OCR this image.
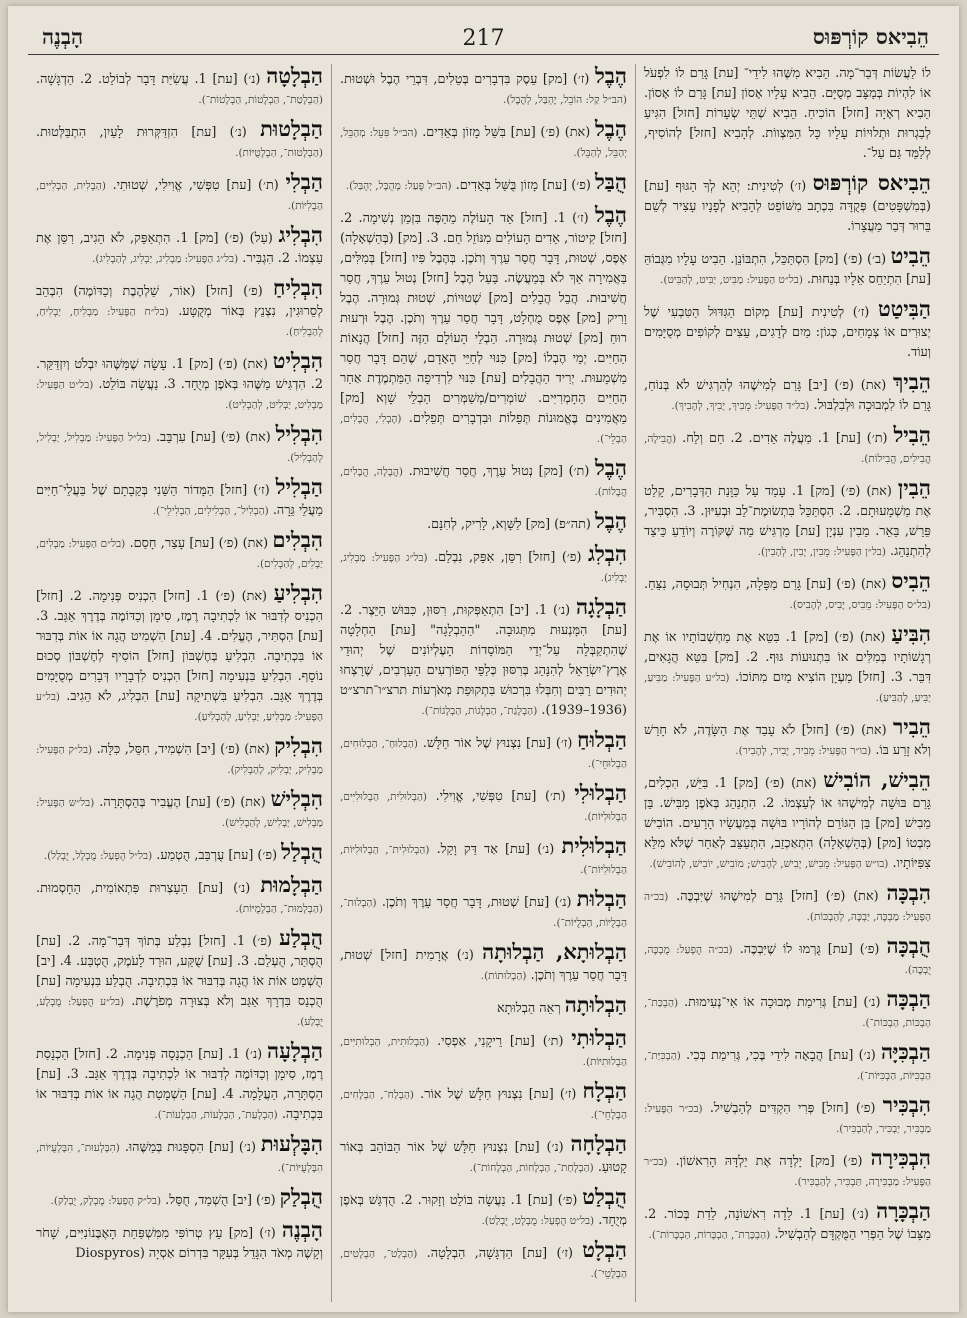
הֵבִיאס קוֹרְפּוּס
217
הָבְנֶה

לוֹ לַעֲשׂוֹת דְּבַר־מָה. הֵבִיא מִשֶּׁהוּ לִידֵי־ [עת] גָּרַם לוֹ לִפְעֹל אוֹ לִהְיוֹת בְּמַצָּב מְסֻיָּם. הֵבִיא עָלָיו אָסוֹן [עת] גָּרַם לוֹ אָסוֹן. הֵבִיא רְאָיָה [חזל] הוֹכִיחַ. הֵבִיא שְׁתֵּי שְׂעָרוֹת [חזל] הִגִּיעַ לְבַגְרוּת וּתְלוּיוֹת עָלָיו כָּל הַמִּצְווֹת. לְהָבִיא [חזל] לְהוֹסִיף, לְלַמֵּד גַּם עַל־.

הֵבִיאס קוֹרְפּוּס (ז׳) לְטִינִית: יְהֵא לְךָ הַגּוּף [עת] (בְּמִשְׁפָּטִים) פְּקֻדָּה בִּכְתָב מִשּׁוֹפֵט לְהָבִיא לְפָנָיו עָצִיר לְשֵׁם בֵּרוּר דְּבַר מַעֲצָרוֹ.

הֵבִיט (ב׳) (פ׳) [מק] הִסְתַּכֵּל, הִתְבּוֹנֵן. הֵבִיט עָלָיו מִגְּבוֹהַּ [עת] הִתְיַחֵס אֵלָיו בְּנַחוּת. (בל״ט הַפָּעִיל: מַבִּיט, יַבִּיט, לְהַבִּיט).

הַבִּיטַט (ז׳) לְטִינִית [עת] מְקוֹם הַגִּדּוּל הַטִּבְעִי שֶׁל יְצוּרִים אוֹ צְמָחִים, כְּגוֹן: מַיִם לְדָגִים, עֵצִים לְקוֹפִים מְסֻיָּמִים וְעוֹד.

הֵבִיךְ (את) (פ׳) [יב] גָּרַם לְמִישֶׁהוּ לְהַרְגִּישׁ לֹא בְּנוֹחַ, גָּרַם לוֹ לִמְבוּכָה וּלְבִלְבּוּל. (בל״ד הַפָּעִיל: מֵבִיךְ, יָבִיךְ, לְהָבִיךְ).

הֵבִיל (ת׳) [עת] 1. מַעֲלֶה אֵדִים. 2. חַם וְלַח. (הֲבִילָה, הֲבִילִים, הֲבִילוֹת).

הֵבִין (את) (פ׳) [מק] 1. עָמַד עַל כַּוָּנַת הַדְּבָרִים, קָלַט אֶת מַשְׁמָעוּתָם. 2. הִסְתַּכֵּל בִּתְשׂוּמֶת־לֵב וּבְעִיּוּן. 3. הִסְבִּיר, פֵּרֵשׁ, בֵּאֵר. מֵבִין עִנְיָן [עת] מַרְגִּישׁ מַה שֶּׁקּוֹרֶה וְיוֹדֵעַ כֵּיצַד לְהִתְנַהֵג. (בל״ן הַפָּעִיל: מֵבִין, יָבִין, לְהָבִין).

הֵבִיס (את) (פ׳) [עת] גָּרַם מַפָּלָה, הִנְחִיל תְּבוּסָה, נִצֵּחַ. (בל״ס הַפָּעִיל: מֵבִיס, יָבִיס, לְהָבִיס).

הִבִּיעַ (את) (פ׳) [מק] 1. בִּטֵּא אֶת מַחְשְׁבוֹתָיו אוֹ אֶת רְגָשׁוֹתָיו בְּמִלִּים אוֹ בִּתְנוּעוֹת גּוּף. 2. [מק] בִּטֵּא הֲגָאִים, דִּבֵּר. 3. [חזל] מַעְיָן הוֹצִיא מַיִם מִתּוֹכוֹ. (בל״ע הַפָּעִיל: מַבִּיעַ, יַבִּיעַ, לְהַבִּיעַ).

הֵבִיר (את) (פ׳) [חזל] לֹא עָבַד אֶת הַשָּׂדֶה, לֹא חָרַשׁ וְלֹא זָרַע בּוֹ. (בו״ר הַפָּעִיל: מֵבִיר, יָבִיר, לְהָבִיר).

הֵבִישׁ, הוֹבִישׁ (את) (פ׳) [מק] 1. בִּיֵּשׁ, הִכְלִים, גָּרַם בּוּשָׁה לְמִישֶׁהוּ אוֹ לְעַצְמוֹ. 2. הִתְנַהֵג בְּאֹפֶן מַבִּישׁ. בֵּן מֵבִישׁ [מק] בֵּן הַגּוֹרֵם לְהוֹרָיו בּוּשָׁה בְּמַעֲשָׂיו הָרָעִים. הוֹבִישׁ מִבְטוֹ [מק] (בְּהַשְׁאָלָה) הִתְאַכְזֵב, הִתְעַצֵּב לְאַחַר שֶׁלֹּא מִלֵּא צִפִּיּוֹתָיו. (בו״ש הַפָּעִיל: מֵבִישׁ, יָבִישׁ, לְהָבִישׁ; מוֹבִישׁ, יוֹבִישׁ, לְהוֹבִישׁ).

הִבְכָּה (את) (פ׳) [חזל] גָּרַם לְמִישֶׁהוּ שֶׁיִּבְכֶּה. (בכ״ה הַפָּעִיל: מַבְכֶּה, יַבְכֶּה, לְהַבְכּוֹת).

הֻבְכָּה (פ׳) [עת] גֻּרְמוּ לוֹ שֶׁיִּבְכֶּה. (בכ״ה הֻפְעַל: מֻבְכֶּה, יֻבְכֶּה).

הַבְכָּה (נ׳) [עת] גְּרִימַת מְבוּכָה אוֹ אִי־נְעִימוּת. (הַבְכַּת־, הַבְכּוֹת, הַבְכּוֹת־).

הַבְכִּיָּה (נ׳) [עת] הֲבָאָה לִידֵי בֶּכִי, גְּרִימַת בְּכִי. (הַבְכִּיַּת־, הַבְכִּיּוֹת, הַבְכִּיּוֹת־).

הִבְכִּיר (פ׳) [חזל] פְּרִי הִקְדִּים לְהַבְשִׁיל. (בכ״ר הַפָּעִיל: מַבְכִּיר, יַבְכִּיר, לְהַבְכִּיר).

הִבְכִּירָה (פ׳) [מק] יָלְדָה אֶת יַלְדָּהּ הָרִאשׁוֹן. (בכ״ר הַפָּעִיל: מַבְכִּירָה, תַּבְכִּיר, לְהַבְכִּיר).

הַבְכָּרָה (נ׳) [עת] 1. לֵדָה רִאשׁוֹנָה, לֵדַת בְּכוֹר. 2. מַצָּבוֹ שֶׁל הַפְּרִי הַמֻּקְדָּם לְהַבְשִׁיל. (הַבְכָּרַת־, הַבְכָּרוֹת, הַבְכָּרוֹת־).

הֶבֶל (ז׳) [מק] עֵסֶק בִּדְבָרִים בְּטֵלִים, דִּבְרֵי הֶבֶל וּשְׁטוּת. (הב״ל קַל: הוֹבֵל, יֶהְבַּל, לְהֶבֶל).

הֶבֶל (את) (פ׳) [עת] בִּשֵּׁל מָזוֹן בְּאֵדִים. (הב״ל פִּעֵל: מְהַבֵּל, יְהַבֵּל, לְהַבֵּל).

הֻבַּל (פ׳) [עת] מָזוֹן בֻּשַּׁל בְּאֵדִים. (הב״ל פֻּעַל: מְהֻבָּל, יְהֻבַּל).

הֶבֶל (ז׳) 1. [חזל] אֵד הָעוֹלֶה מֵהַפֶּה בִּזְמַן נְשִׁימָה. 2. [חזל] קִיטוֹר, אֵדִים הָעוֹלִים מִנּוֹזֵל חַם. 3. [מק] (בְּהַשְׁאָלָה) אֶפֶס, שְׁטוּת, דָּבָר חֲסַר עֵרֶךְ וְתֹכֶן. בְּהֶבֶל פִּיו [חזל] בְּמִלִּים, בַּאֲמִירָה אַךְ לֹא בְּמַעֲשֶׂה. בַּעַל הֶבֶל [חזל] נְטוּל עֵרֶךְ, חֲסַר חֲשִׁיבוּת. הֲבֵל הֲבָלִים [מק] שְׁטוּיוֹת, שְׁטוּת גְּמוּרָה. הֶבֶל וָרִיק [מק] אֶפֶס מֻחְלָט, דָּבָר חֲסַר עֵרֶךְ וְתֹכֶן. הֶבֶל וּרְעוּת רוּחַ [מק] שְׁטוּת גְּמוּרָה. הַבְלֵי הָעוֹלָם הַזֶּה [חזל] הֲנָאוֹת הַחַיִּים. יְמֵי הֶבְלוֹ [מק] כִּנּוּי לְחַיֵּי הָאָדָם, שֶׁהֵם דָּבָר חֲסַר מַשְׁמָעוּת. יְרִיד הַהֲבָלִים [עת] כִּנּוּי לִרְדִיפָה הַמַּתְמֶדֶת אַחַר הַחַיִּים הַחָמְרִיִּים. שׁוֹמְרִים/מְשַׁמְּרִים הַבְלֵי שָׁוְא [מק] מַאֲמִינִים בֶּאֱמוּנוֹת תְּפֵלוֹת וּבִדְבָרִים תְּפֵלִים. (הֶבְלִי, הֲבָלִים, הַבְלֵי־).

הֶבֶל (ת׳) [מק] נְטוּל עֵרֶךְ, חֲסַר חֲשִׁיבוּת. (הֲבָלָה, הֲבָלִים, הֲבָלוֹת).

הֶבֶל (תה״פ) [מק] לַשָּׁוְא, לָרִיק, לְחִנָּם.

הִבְלִג (פ׳) [חזל] רִסֵּן, אִפֵּק, נִבְלַם. (בל״ג הַפָּעִיל: מַבְלִיג, יַבְלִיג).

הַבְלָגָה (נ׳) 1. [יב] הִתְאַפְּקוּת, רִסּוּן, כִּבּוּשׁ הַיֵּצֶר. 2. [עת] הִמָּנְעוּת מִתְּגוּבָה. "הַהַבְלָגָה" [עת] הַחְלָטָה שֶׁהִתְקַבְּלָה עַל־יְדֵי הַמּוֹסָדוֹת הָעֶלְיוֹנִים שֶׁל יְהוּדֵי אֶרֶץ־יִשְׂרָאֵל לְהִנָּהֵג בְּרִסּוּן כְּלַפֵּי הַפּוֹרְעִים הָעַרְבִים, שֶׁרָצְחוּ יְהוּדִים רַבִּים וְחִבְּלוּ בִּרְכוּשׁ בִּתְקוּפַת מְאֹרְעוֹת תרצ״ו־תרצ״ט (1936–1939). (הַבְלָגַת־, הַבְלָגוֹת, הַבְלָגוֹת־).

הַבְלוּחַ (ז׳) [עת] נִצְנוּץ שֶׁל אוֹר חַלָּשׁ. (הַבְלוּחַ־, הַבְלוּחִים, הַבְלוּחֵי־).

הַבְלוּלִי (ת׳) [עת] טִפְּשִׁי, אֱוִילִי. (הַבְלוּלִית, הַבְלוּלִיִּים, הַבְלוּלִיּוֹת).

הַבְלוּלִית (נ׳) [עת] אַד דַּק וָקַל. (הַבְלוּלִית־, הַבְלוּלִיּוֹת, הַבְלוּלִיּוֹת־).

הַבְלוּת (נ׳) [עת] שְׁטוּת, דָּבָר חֲסַר עֵרֶךְ וְתֹכֶן. (הַבְלוּת־, הַבְלֻיּוֹת, הַבְלֻיּוֹת־).

הַבְלוּתָא, הַבְלוּתָה (נ׳) אֲרָמִית [חזל] שְׁטוּת, דָּבָר חֲסַר עֵרֶךְ וְתֹכֶן. (הַבְלוּתוֹת).

הַבְלוּתָה רְאֵה הַבְלוּתָא

הַבְלוּתִי (ת׳) [עת] רֵיקָנִי, אַפְסִי. (הַבְלוּתִית, הַבְלוּתִיִּים, הַבְלוּתִיּוֹת).

הַבְלָח (ז׳) [עת] נִצְנוּץ חַלָּשׁ שֶׁל אוֹר. (הַבְלַח־, הַבְלָחִים, הַבְלָחֵי־).

הַבְלָחָה (נ׳) [עת] נִצְנוּץ חַלָּשׁ שֶׁל אוֹר הַבּוֹהֵב בְּאוֹר קָטוּעַ. (הַבְלָחַת־, הַבְלָחוֹת, הַבְלָחוֹת־).

הֻבְלַט (פ׳) [עת] 1. נַעֲשָׂה בּוֹלֵט וְזָקוּר. 2. הֻדְגַּשׁ בְּאֹפֶן מְיֻחָד. (בל״ט הֻפְעַל: מֻבְלָט, יֻבְלַט).

הַבְלָט (ז׳) [עת] הַדְגָּשָׁה, הַבְלָטָה. (הַבְלַט־, הַבְלָטִים, הַבְלָטֵי־).

הַבְלָטָה (נ׳) [עת] 1. עֲשִׂיַּת דָּבָר לְבוֹלֵט. 2. הַדְגָּשָׁה. (הַבְלָטַת־, הַבְלָטוֹת, הַבְלָטוֹת־).

הַבְלָטוּת (נ׳) [עת] הִזְדַּקְּרוּת לָעַיִן, הִתְבַּלְּטוּת. (הַבְלָטוּת־, הַבְלָטֻיּוֹת).

הַבְלִי (ת׳) [עת] טִפְּשִׁי, אֱוִילִי, שְׁטוּתִי. (הַבְלִית, הַבְלִיִּים, הַבְלִיּוֹת).

הִבְלִיג (עַל) (פ׳) [מק] 1. הִתְאַפֵּק, לֹא הֵגִיב, רִסֵּן אֶת עַצְמוֹ. 2. הִגְבִּיר. (בל״ג הַפָּעִיל: מַבְלִיג, יַבְלִיג, לְהַבְלִיג).

הִבְלִיחַ (פ׳) [חזל] (אוֹר, שַׁלְהֶבֶת וְכַדּוֹמֶה) הִבְהֵב לְסֵרוּגִין, נִצְנֵץ בְּאוֹר מְקֻטָּע. (בל״ח הַפָּעִיל: מַבְלִיחַ, יַבְלִיחַ, לְהַבְלִיחַ).

הִבְלִיט (את) (פ׳) [מק] 1. עָשָׂה שֶׁמַּשֶּׁהוּ יִבְלֹט וְיִזְדַּקֵּר. 2. הִדְגִּישׁ מַשֶּׁהוּ בְּאֹפֶן מְיֻחָד. 3. נַעֲשָׂה בּוֹלֵט. (בל״ט הַפָּעִיל: מַבְלִיט, יַבְלִיט, לְהַבְלִיט).

הִבְלִיל (את) (פ׳) [עת] עִרְבֵּב. (בל״ל הַפָּעִיל: מַבְלִיל, יַבְלִיל, לְהַבְלִיל).

הַבְלִיל (ז׳) [חזל] הַמָּדוֹר הַשֵּׁנִי בְּקֵבָתָם שֶׁל בַּעֲלֵי־חַיִּים מַעֲלֵי גֵּרָה. (הַבְלִיל־, הַבְלִילִים, הַבְלִילֵי־).

הִבְלִים (את) (פ׳) [עת] עָצַר, חָסַם. (בל״ם הַפָּעִיל: מַבְלִים, יַבְלִים, לְהַבְלִים).

הִבְלִיעַ (את) (פ׳) 1. [חזל] הִכְנִיס פְּנִימָה. 2. [חזל] הִכְנִיס לְדִבּוּר אוֹ לִכְתִיבָה רֶמֶז, סִימָן וְכַדּוֹמֶה בְּדֶרֶךְ אַגַּב. 3. [עת] הִסְתִּיר, הֶעֱלִים. 4. [עת] הִשְׁמִיט הֲגָה אוֹ אוֹת בְּדִבּוּר אוֹ בִּכְתִיבָה. הִבְלִיעַ בְּחֶשְׁבּוֹן [חזל] הוֹסִיף לְחֶשְׁבּוֹן סְכוּם נוֹסָף. הִבְלִיעַ בִּנְעִימָה [חזל] הִכְנִיס לִדְבָרָיו דְּבָרִים מְסֻיָּמִים בְּדֶרֶךְ אַגַּב. הִבְלִיעַ בִּשְׁתִיקָה [עת] הִבְלִיג, לֹא הֵגִיב. (בל״ע הַפָּעִיל: מַבְלִיעַ, יַבְלִיעַ, לְהַבְלִיעַ).

הִבְלִיק (את) (פ׳) [יב] הִשְׁמִיד, חִסֵּל, כִּלָּה. (בל״ק הַפָּעִיל: מַבְלִיק, יַבְלִיק, לְהַבְלִיק).

הִבְלִישׁ (את) (פ׳) [עת] הֶעֱבִיר בְּהַסְתָּרָה. (בל״ש הַפָּעִיל: מַבְלִישׁ, יַבְלִישׁ, לְהַבְלִישׁ).

הֻבְלַל (פ׳) [עת] עֻרְבַּב, הֻטְמַע. (בל״ל הֻפְעַל: מֻבְלָל, יֻבְלַל).

הַבְלָמוּת (נ׳) [עת] הֵעָצְרוּת פִּתְאוֹמִית, הֵחָסְמוּת. (הַבְלָמוּת־, הַבְלָמֻיּוֹת).

הֻבְלַע (פ׳) 1. [חזל] נִבְלַע בְּתוֹךְ דְּבַר־מָה. 2. [עת] הֻסְתַּר, הֻעְלַם. 3. [עת] שֻׁקַּע, הוּרַד לָעֹמֶק, הֻטְבַּע. 4. [יב] הֻשְׁמַט אוֹת אוֹ הֲגָה בְּדִבּוּר אוֹ בִּכְתִיבָה. הֻבְלַע בִּנְעִימָה [עת] הֻכְנַס בִּדְרָךְ אַגַּב וְלֹא בְּצוּרָה מְפֹרֶשֶׁת. (בל״ע הֻפְעַל: מֻבְלָע, יֻבְלַע).

הַבְלָעָה (נ׳) 1. [עת] הַכְנָסָה פְּנִימָה. 2. [חזל] הַכְנָסַת רֶמֶז, סִימָן וְכַדּוֹמֶה לְדִבּוּר אוֹ לִכְתִיבָה בְּדֶרֶךְ אַגַּב. 3. [עת] הַסְתָּרָה, הַעֲלָמָה. 4. [עת] הַשְׁמָטַת הֲגָה אוֹ אוֹת בְּדִבּוּר אוֹ בִּכְתִיבָה. (הַבְלָעַת־, הַבְלָעוֹת, הַבְלָעוֹת־).

הִבָּלְעוּת (נ׳) [עת] הִסְפָּגוּת בְּמַשֶּׁהוּ. (הִבָּלְעוּת־, הִבָּלְעֻיּוֹת, הִבָּלְעֻיּוֹת־).

הֻבְלַק (פ׳) [יב] הֻשְׁמַד, חֻסַּל. (בל״ק הֻפְעַל: מֻבְלָק, יֻבְלַק).

הָבְנֶה (ז׳) [מק] עֵץ טְרוֹפִּי מִמִּשְׁפַּחַת הָאֶבֶּנוֹנִיִּים, שָׁחֹר וְקָשֶׁה מְאֹד הַגָּדֵל בְּעִקָּר בִּדְרוֹם אַסְיָה (Diospyros
